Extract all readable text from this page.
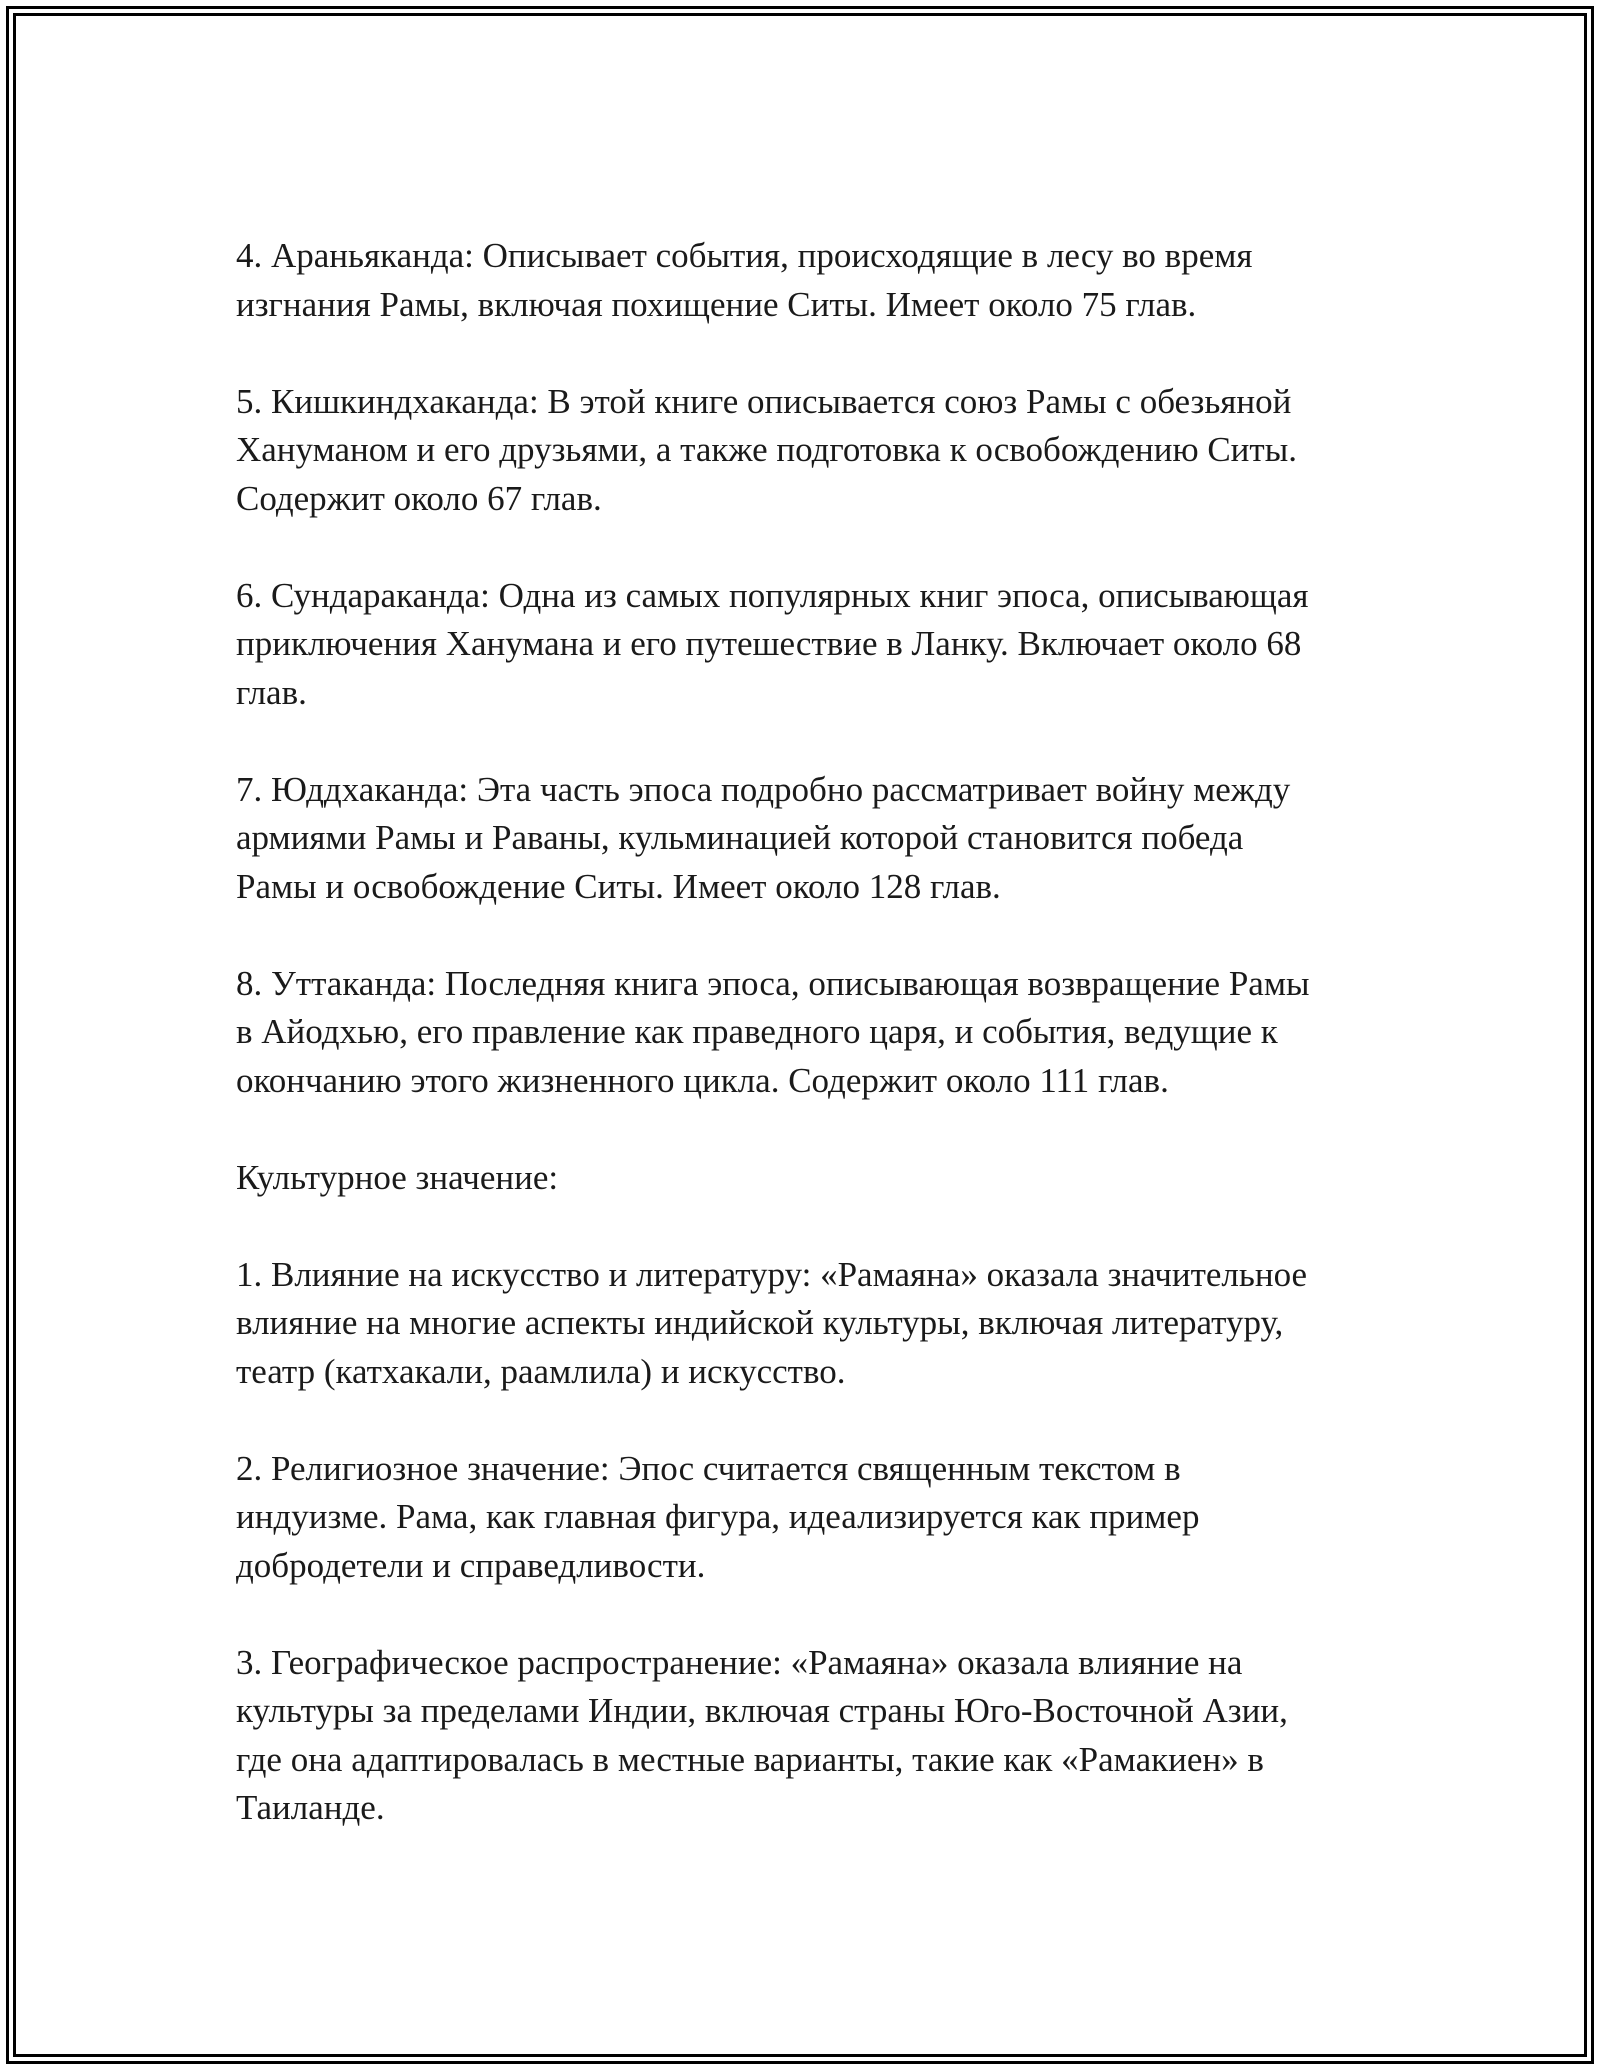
4. Араньяканда: Описывает события, происходящие в лесу во время
изгнания Рамы, включая похищение Ситы. Имеет около 75 глав.

5. Кишкиндхаканда: В этой книге описывается союз Рамы с обезьяной
Хануманом и его друзьями, а также подготовка к освобождению Ситы.
Содержит около 67 глав.

6. Сундараканда: Одна из самых популярных книг эпоса, описывающая
приключения Ханумана и его путешествие в Ланку. Включает около 68
глав.

7. Юддхаканда: Эта часть эпоса подробно рассматривает войну между
армиями Рамы и Раваны, кульминацией которой становится победа
Рамы и освобождение Ситы. Имеет около 128 глав.

8. Уттаканда: Последняя книга эпоса, описывающая возвращение Рамы
в Айодхью, его правление как праведного царя, и события, ведущие к
окончанию этого жизненного цикла. Содержит около 111 глав.

Культурное значение:

1. Влияние на искусство и литературу: «Рамаяна» оказала значительное
влияние на многие аспекты индийской культуры, включая литературу,
театр (катхакали, раамлила) и искусство.

2. Религиозное значение: Эпос считается священным текстом в
индуизме. Рама, как главная фигура, идеализируется как пример
добродетели и справедливости.

3. Географическое распространение: «Рамаяна» оказала влияние на
культуры за пределами Индии, включая страны Юго-Восточной Азии,
где она адаптировалась в местные варианты, такие как «Рамакиен» в
Таиланде.
